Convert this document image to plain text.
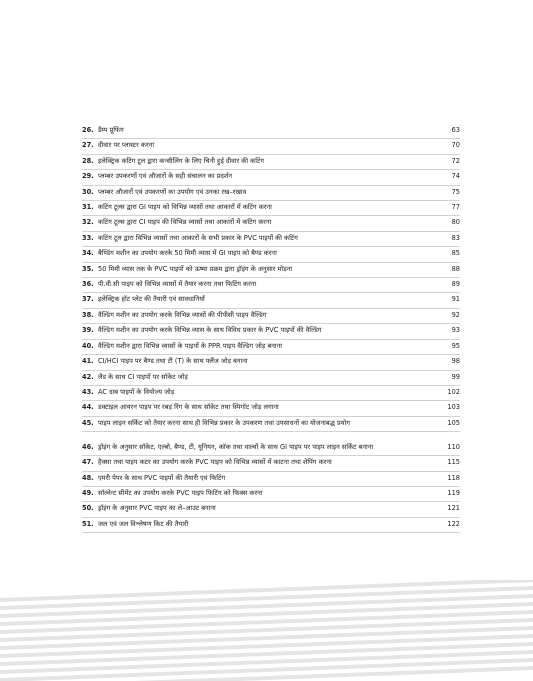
26. डैम्प प्रूफिंग	63
27. दीवार पर प्लास्टर करना	70
28. इलेक्ट्रिक कटिंग टूल द्वारा कन्सीलिंग के लिए चिनी हुई दीवार की कटिंग	72
29. प्लम्बर उपकरणों एवं औजारों के सही संचालन का प्रदर्शन	74
30. प्लम्बर औजारों एवं उपकरणों का उपयोग एवं उनका रख–रखाव	75
31. कटिंग टूल्स द्वारा GI पाइप को विभिन्न व्यासों तथा आकारों में कटिंग करना	77
32. कटिंग टूल्स द्वारा CI पाइप की विभिन्न व्यासों तथा आकारों में कटिंग करना	80
33. कटिंग टूल द्वारा विभिन्न व्यासों तथा आकारों के सभी प्रकार के PVC पाइपों की कटिंग	83
34. बैण्डिंग मशीन का उपयोग करके 50 मिमी व्यास में GI पाइप को बैण्ड करना	85
35. 50 मिमी व्यास तक के PVC पाइपों को ऊष्मा प्रक्रम द्वारा ड्रॉइंग के अनुसार मोड़ना	88
36. पी.वी.सी पाइप को विभिन्न व्यासों में तैयार करना तथा फिटिंग करना	89
37. इलेक्ट्रिक हॉट प्लेट की तैयारी एवं सावधानियाँ	91
38. वैल्डिंग मशीन का उपयोग करके विभिन्न व्यासों की पीपीसी पाइप वैल्डिंग	92
39. वैल्डिंग मशीन का उपयोग करके विभिन्न व्यास के साथ विविध प्रकार के PVC पाइपों की वैल्डिंग	93
40. वैल्डिंग मशीन द्वारा विभिन्न व्यासों के पाइपों के PPR पाइप वैल्डिंग जोड़ बनाना	95
41. CI/HCI पाइप पर बैण्ड तथा टी (T) के साथ फ्लैंज जोड़ बनाना	98
42. लैड के साथ CI पाइपों पर सॉकेट जोड़	99
43. AC दाब पाइपों के वियोज्य जोड़	102
44. डक्टाइल आयरन पाइप पर रबड़ रिंग के साथ सॉकेट तथा स्पिगॉट जोड़ लगाना	103
45. पाइप लाइन सर्किट को तैयार करना साथ ही विभिन्न प्रकार के उपकरण तथा उपसाधनों का योजनाबद्ध प्रयोग	105
46. ड्रॉइंग के अनुसार सॉकेट, एल्बो, बैण्ड, टी, यूनियन, कॉक तथा वाल्वों के साथ GI पाइप पर पाइप लाइन सर्किट बनाना	110
47. हैक्सा तथा पाइप कटर का उपयोग करके PVC पाइप को विभिन्न व्यासों में काटना तथा शेपिंग करना	115
48. एमरी पेपर के साथ PVC पाइपों की तैयारी एवं फिटिंग	118
49. सॉल्वेन्ट सीमेंट का उपयोग करके PVC पाइप फिटिंग को फिक्स करना	119
50. ड्रॉइंग के अनुसार PVC पाइप का ले–आउट बनाना	121
51. जल एवं जल विश्लेषण किट की तैयारी	122
